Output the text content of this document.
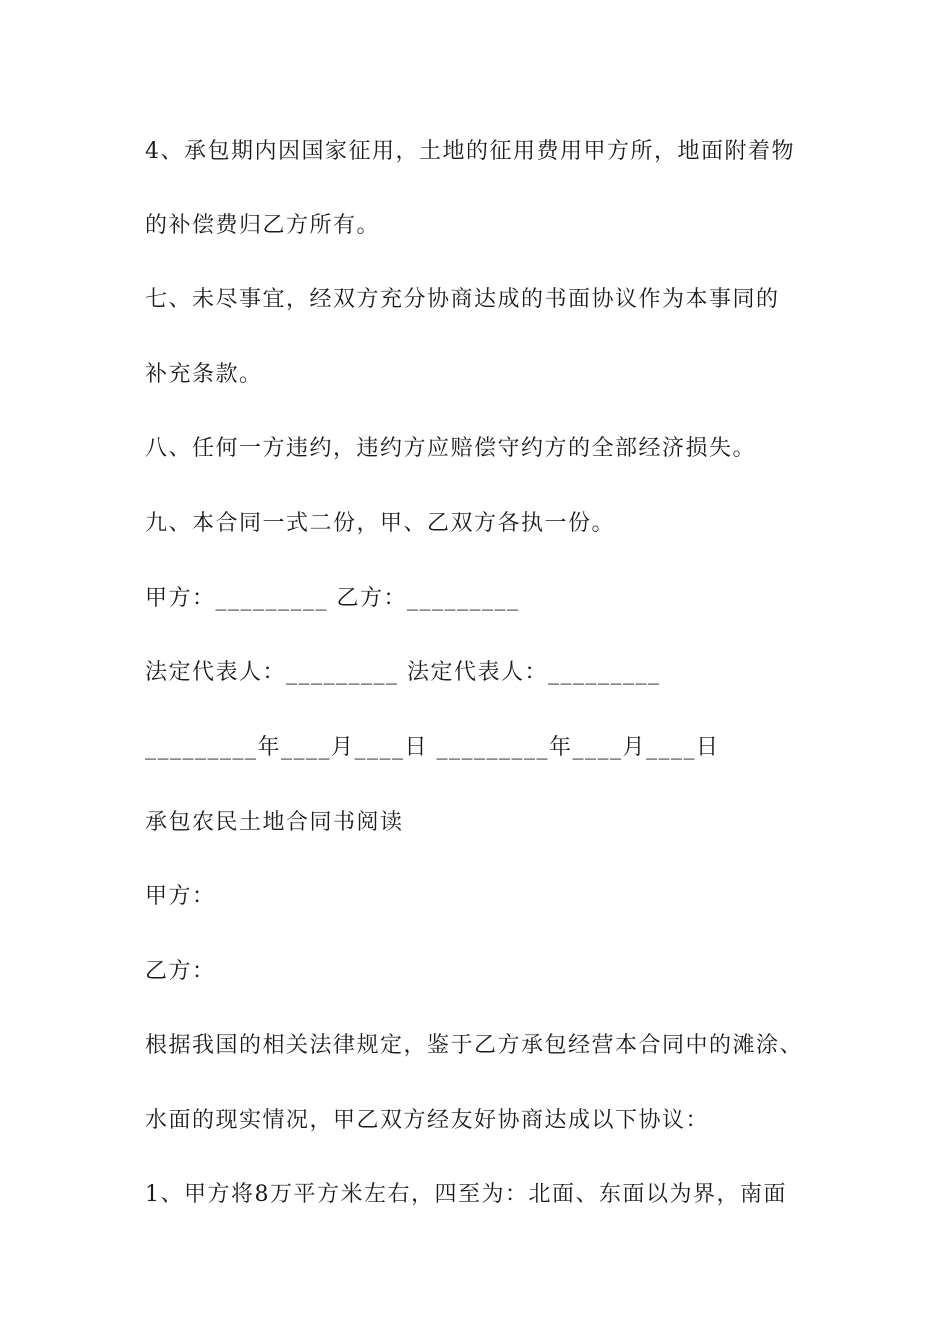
4、承包期内因国家征用，土地的征用费用甲方所，地面附着物
的补偿费归乙方所有。
七、未尽事宜，经双方充分协商达成的书面协议作为本事同的
补充条款。
八、任何一方违约，违约方应赔偿守约方的全部经济损失。
九、本合同一式二份，甲、乙双方各执一份。
甲方：_________ 乙方：_________
法定代表人：_________ 法定代表人：_________
_________年____月____日 _________年____月____日
承包农民土地合同书阅读
甲方：
乙方：
根据我国的相关法律规定，鉴于乙方承包经营本合同中的滩涂、
水面的现实情况，甲乙双方经友好协商达成以下协议：
1、甲方将8万平方米左右，四至为：北面、东面以为界，南面
